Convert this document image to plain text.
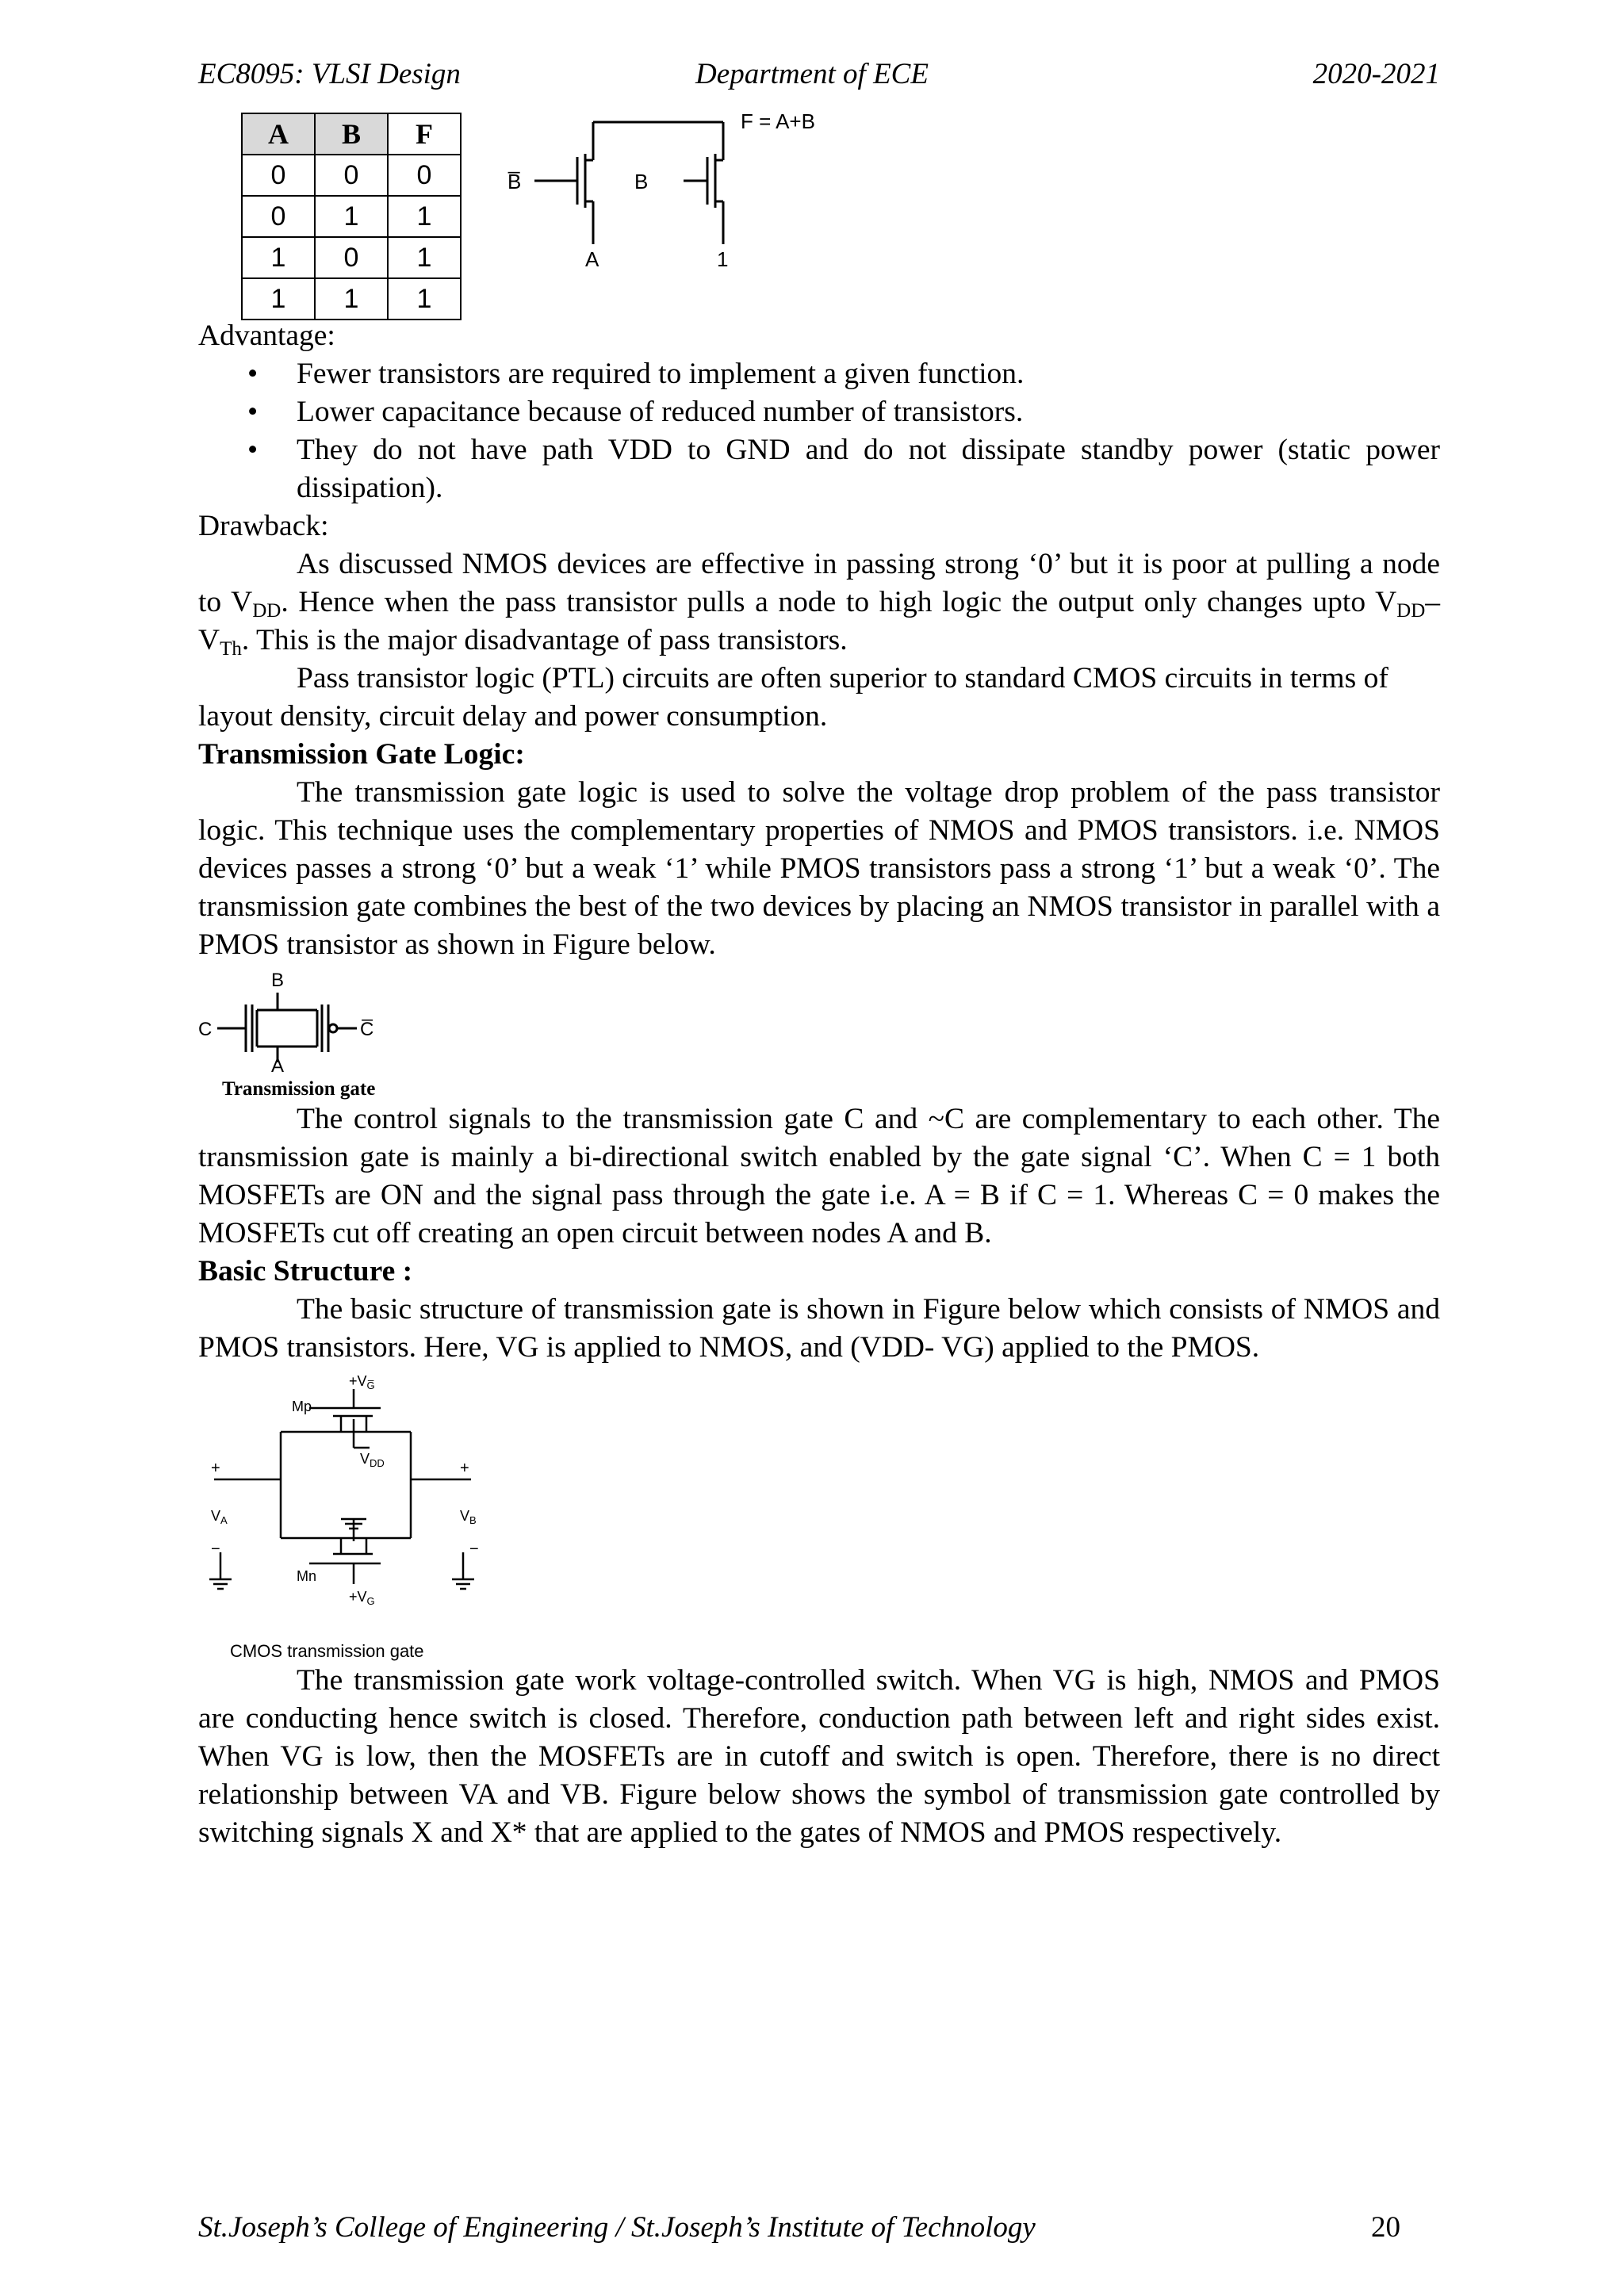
EC8095: VLSI Design	Department of ECE	2020-2021
A	B	F
0	0	0
0	1	1
1	0	1
1	1	1
F = A+B
B̅	B
A	1

Advantage:

• Fewer transistors are required to implement a given function.
• Lower capacitance because of reduced number of transistors.
• They do not have path VDD to GND and do not dissipate standby power (static power dissipation).

Drawback:

As discussed NMOS devices are effective in passing strong ‘0’ but it is poor at pulling a node to $V_{DD}$. Hence when the pass transistor pulls a node to high logic the output only changes upto $V_{DD}-V_{Th}$. This is the major disadvantage of pass transistors.

Pass transistor logic (PTL) circuits are often superior to standard CMOS circuits in terms of layout density, circuit delay and power consumption.

Transmission Gate Logic:

The transmission gate logic is used to solve the voltage drop problem of the pass transistor logic. This technique uses the complementary properties of NMOS and PMOS transistors. i.e. NMOS devices passes a strong ‘0’ but a weak ‘1’ while PMOS transistors pass a strong ‘1’ but a weak ‘0’. The transmission gate combines the best of the two devices by placing an NMOS transistor in parallel with a PMOS transistor as shown in Figure below.

B
C	C̅
A
Transmission gate

The control signals to the transmission gate C and ~C are complementary to each other. The transmission gate is mainly a bi-directional switch enabled by the gate signal ‘C’. When C = 1 both MOSFETs are ON and the signal pass through the gate i.e. A = B if C = 1. Whereas C = 0 makes the MOSFETs cut off creating an open circuit between nodes A and B.

Basic Structure :

The basic structure of transmission gate is shown in Figure below which consists of NMOS and PMOS transistors. Here, VG is applied to NMOS, and (VDD- VG) applied to the PMOS.

$+V_{G̅}$
Mp
$V_{DD}$
+	+
$V_A$	$V_B$
−	−
Mn
$+V_G$
CMOS transmission gate

The transmission gate work voltage-controlled switch. When VG is high, NMOS and PMOS are conducting hence switch is closed. Therefore, conduction path between left and right sides exist. When VG is low, then the MOSFETs are in cutoff and switch is open. Therefore, there is no direct relationship between VA and VB. Figure below shows the symbol of transmission gate controlled by switching signals X and X* that are applied to the gates of NMOS and PMOS respectively.

St.Joseph’s College of Engineering / St.Joseph’s Institute of Technology	20
